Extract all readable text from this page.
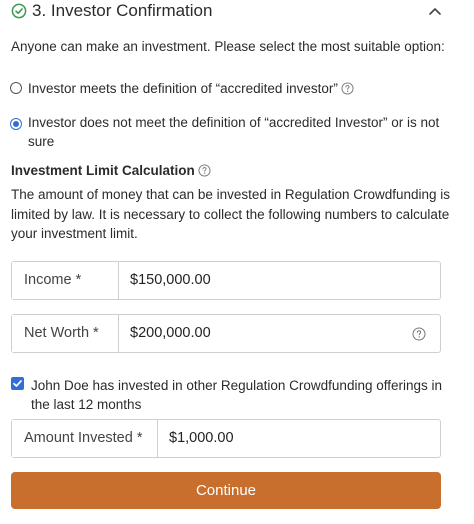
3. Investor Confirmation
Anyone can make an investment. Please select the most suitable option:
Investor meets the definition of “accredited investor”
Investor does not meet the definition of “accredited Investor” or is not sure
Investment Limit Calculation
The amount of money that can be invested in Regulation Crowdfunding is limited by law. It is necessary to collect the following numbers to calculate your investment limit.
Income *	$150,000.00
Net Worth *	$200,000.00
John Doe has invested in other Regulation Crowdfunding offerings in the last 12 months
Amount Invested *	$1,000.00
Continue
